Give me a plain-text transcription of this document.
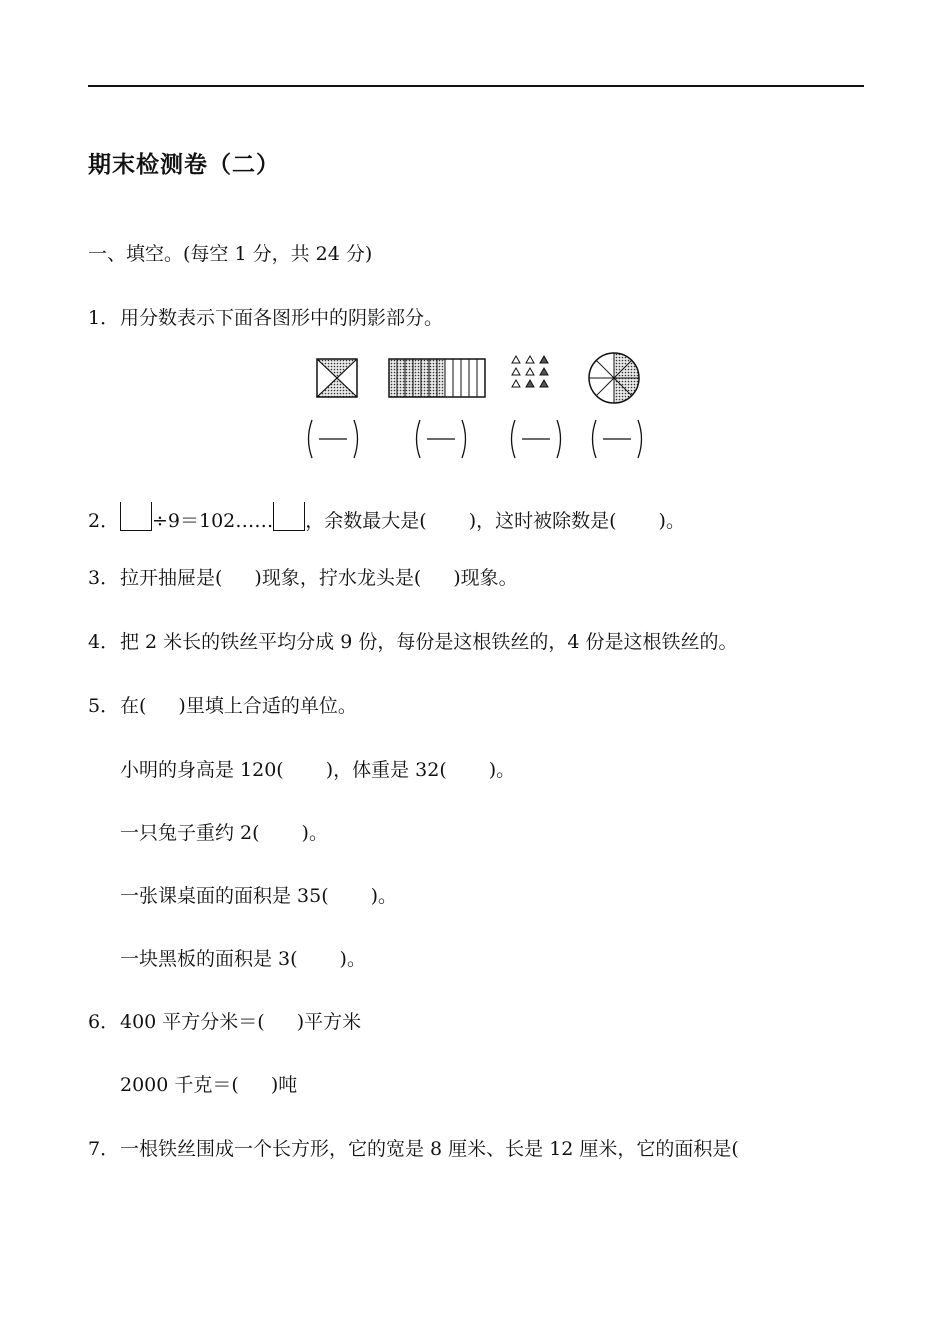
期末检测卷（二）
一、填空。(每空 1 分，共 24 分)
1．用分数表示下面各图形中的阴影部分。
2． ÷9＝102…… ，余数最大是( )，这时被除数是( )。
3．拉开抽屉是( )现象，拧水龙头是( )现象。
4．把 2 米长的铁丝平均分成 9 份，每份是这根铁丝的，4 份是这根铁丝的。
5．在( )里填上合适的单位。
小明的身高是 120( )，体重是 32( )。
一只兔子重约 2( )。
一张课桌面的面积是 35( )。
一块黑板的面积是 3( )。
6．400 平方分米＝( )平方米
2000 千克＝( )吨
7．一根铁丝围成一个长方形，它的宽是 8 厘米、长是 12 厘米，它的面积是(
